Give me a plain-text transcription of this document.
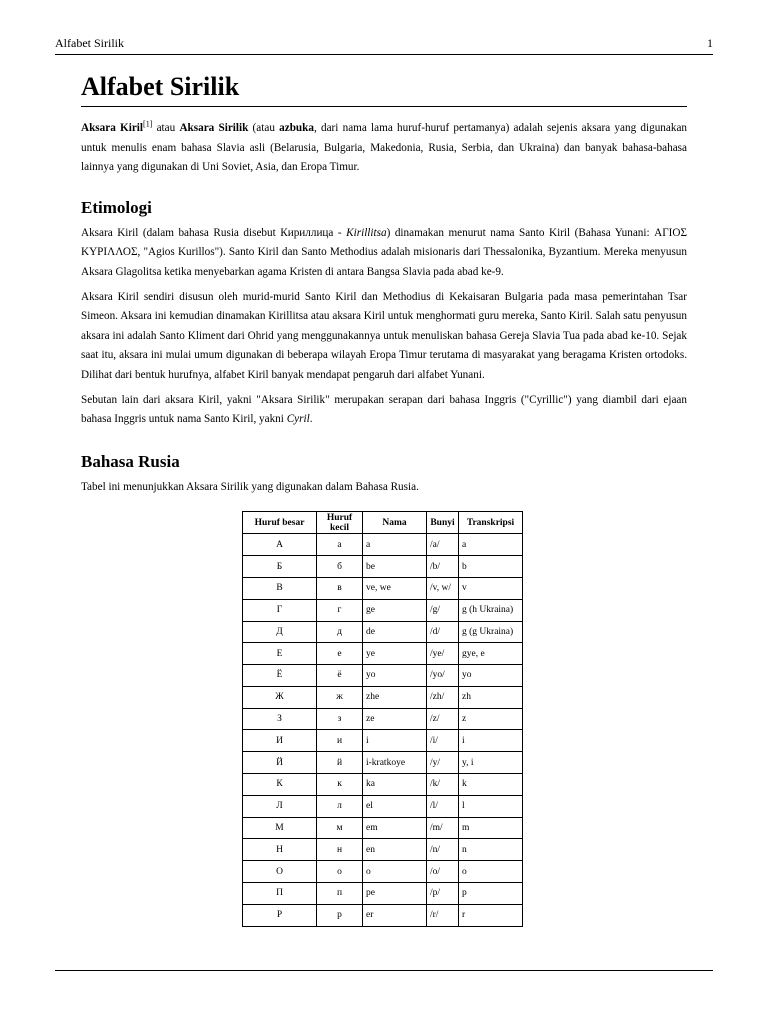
Alfabet Sirilik	1
Alfabet Sirilik

Aksara Kiril[1] atau Aksara Sirilik (atau azbuka, dari nama lama huruf-huruf pertamanya) adalah sejenis aksara yang digunakan untuk menulis enam bahasa Slavia asli (Belarusia, Bulgaria, Makedonia, Rusia, Serbia, dan Ukraina) dan banyak bahasa-bahasa lainnya yang digunakan di Uni Soviet, Asia, dan Eropa Timur.

Etimologi

Aksara Kiril (dalam bahasa Rusia disebut Кириллица - Kirillitsa) dinamakan menurut nama Santo Kiril (Bahasa Yunani: ΑΓΙΟΣ ΚΥΡΙΛΛΟΣ, "Agios Kurillos"). Santo Kiril dan Santo Methodius adalah misionaris dari Thessalonika, Byzantium. Mereka menyusun Aksara Glagolitsa ketika menyebarkan agama Kristen di antara Bangsa Slavia pada abad ke-9.

Aksara Kiril sendiri disusun oleh murid-murid Santo Kiril dan Methodius di Kekaisaran Bulgaria pada masa pemerintahan Tsar Simeon. Aksara ini kemudian dinamakan Kirillitsa atau aksara Kiril untuk menghormati guru mereka, Santo Kiril. Salah satu penyusun aksara ini adalah Santo Kliment dari Ohrid yang menggunakannya untuk menuliskan bahasa Gereja Slavia Tua pada abad ke-10. Sejak saat itu, aksara ini mulai umum digunakan di beberapa wilayah Eropa Timur terutama di masyarakat yang beragama Kristen ortodoks. Dilihat dari bentuk hurufnya, alfabet Kiril banyak mendapat pengaruh dari alfabet Yunani.

Sebutan lain dari aksara Kiril, yakni "Aksara Sirilik" merupakan serapan dari bahasa Inggris ("Cyrillic") yang diambil dari ejaan bahasa Inggris untuk nama Santo Kiril, yakni Cyril.

Bahasa Rusia

Tabel ini menunjukkan Aksara Sirilik yang digunakan dalam Bahasa Rusia.

Huruf besar	Huruf kecil	Nama	Bunyi	Transkripsi
А	а	a	/a/	a
Б	б	be	/b/	b
В	в	ve, we	/v, w/	v
Г	г	ge	/g/	g (h Ukraina)
Д	д	de	/d/	g (g Ukraina)
Е	е	ye	/ye/	gye, e
Ё	ё	yo	/yo/	yo
Ж	ж	zhe	/zh/	zh
З	з	ze	/z/	z
И	и	i	/i/	i
Й	й	i-kratkoye	/y/	y, i
К	к	ka	/k/	k
Л	л	el	/l/	l
М	м	em	/m/	m
Н	н	en	/n/	n
О	о	o	/o/	o
П	п	pe	/p/	p
Р	р	er	/r/	r
